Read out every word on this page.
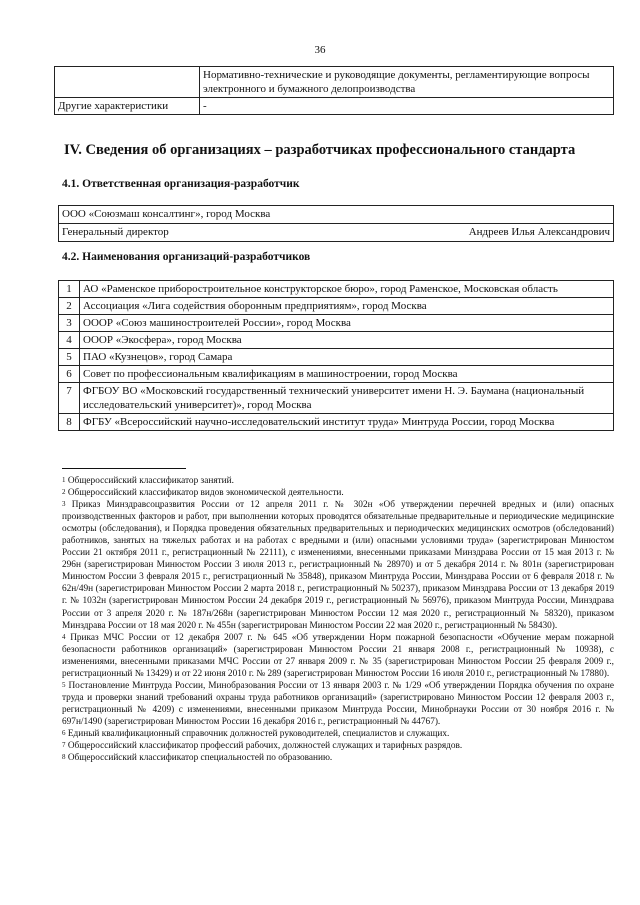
36
	Нормативно-технические и руководящие документы, регламентирующие вопросы электронного и бумажного делопроизводства
Другие характеристики	-
IV. Сведения об организациях – разработчиках профессионального стандарта
4.1. Ответственная организация-разработчик
ООО «Союзмаш консалтинг», город Москва
Генеральный директор	Андреев Илья Александрович
4.2. Наименования организаций-разработчиков
1	АО «Раменское приборостроительное конструкторское бюро», город Раменское, Московская область
2	Ассоциация «Лига содействия оборонным предприятиям», город Москва
3	ОООР «Союз машиностроителей России», город Москва
4	ОООР «Экосфера», город Москва
5	ПАО «Кузнецов», город Самара
6	Совет по профессиональным квалификациям в машиностроении, город Москва
7	ФГБОУ ВО «Московский государственный технический университет имени Н. Э. Баумана (национальный исследовательский университет)», город Москва
8	ФГБУ «Всероссийский научно-исследовательский институт труда» Минтруда России, город Москва

$^1$ Общероссийский классификатор занятий.

$^2$ Общероссийский классификатор видов экономической деятельности.

$^3$ Приказ Минздравсоцразвития России от 12 апреля 2011 г. № 302н «Об утверждении перечней вредных и (или) опасных производственных факторов и работ, при выполнении которых проводятся обязательные предварительные и периодические медицинские осмотры (обследования), и Порядка проведения обязательных предварительных и периодических медицинских осмотров (обследований) работников, занятых на тяжелых работах и на работах с вредными и (или) опасными условиями труда» (зарегистрирован Минюстом России 21 октября 2011 г., регистрационный № 22111), с изменениями, внесенными приказами Минздрава России от 15 мая 2013 г. № 296н (зарегистрирован Минюстом России 3 июля 2013 г., регистрационный № 28970) и от 5 декабря 2014 г. № 801н (зарегистрирован Минюстом России 3 февраля 2015 г., регистрационный № 35848), приказом Минтруда России, Минздрава России от 6 февраля 2018 г. № 62н/49н (зарегистрирован Минюстом России 2 марта 2018 г., регистрационный № 50237), приказом Минздрава России от 13 декабря 2019 г. № 1032н (зарегистрирован Минюстом России 24 декабря 2019 г., регистрационный № 56976), приказом Минтруда России, Минздрава России от 3 апреля 2020 г. № 187н/268н (зарегистрирован Минюстом России 12 мая 2020 г., регистрационный № 58320), приказом Минздрава России от 18 мая 2020 г. № 455н (зарегистрирован Минюстом России 22 мая 2020 г., регистрационный № 58430).

$^4$ Приказ МЧС России от 12 декабря 2007 г. № 645 «Об утверждении Норм пожарной безопасности «Обучение мерам пожарной безопасности работников организаций» (зарегистрирован Минюстом России 21 января 2008 г., регистрационный № 10938), с изменениями, внесенными приказами МЧС России от 27 января 2009 г. № 35 (зарегистрирован Минюстом России 25 февраля 2009 г., регистрационный № 13429) и от 22 июня 2010 г. № 289 (зарегистрирован Минюстом России 16 июля 2010 г., регистрационный № 17880).

$^5$ Постановление Минтруда России, Минобразования России от 13 января 2003 г. № 1/29 «Об утверждении Порядка обучения по охране труда и проверки знаний требований охраны труда работников организаций» (зарегистрировано Минюстом России 12 февраля 2003 г., регистрационный № 4209) с изменениями, внесенными приказом Минтруда России, Минобрнауки России от 30 ноября 2016 г. № 697н/1490 (зарегистрирован Минюстом России 16 декабря 2016 г., регистрационный № 44767).

$^6$ Единый квалификационный справочник должностей руководителей, специалистов и служащих.

$^7$ Общероссийский классификатор профессий рабочих, должностей служащих и тарифных разрядов.

$^8$ Общероссийский классификатор специальностей по образованию.
